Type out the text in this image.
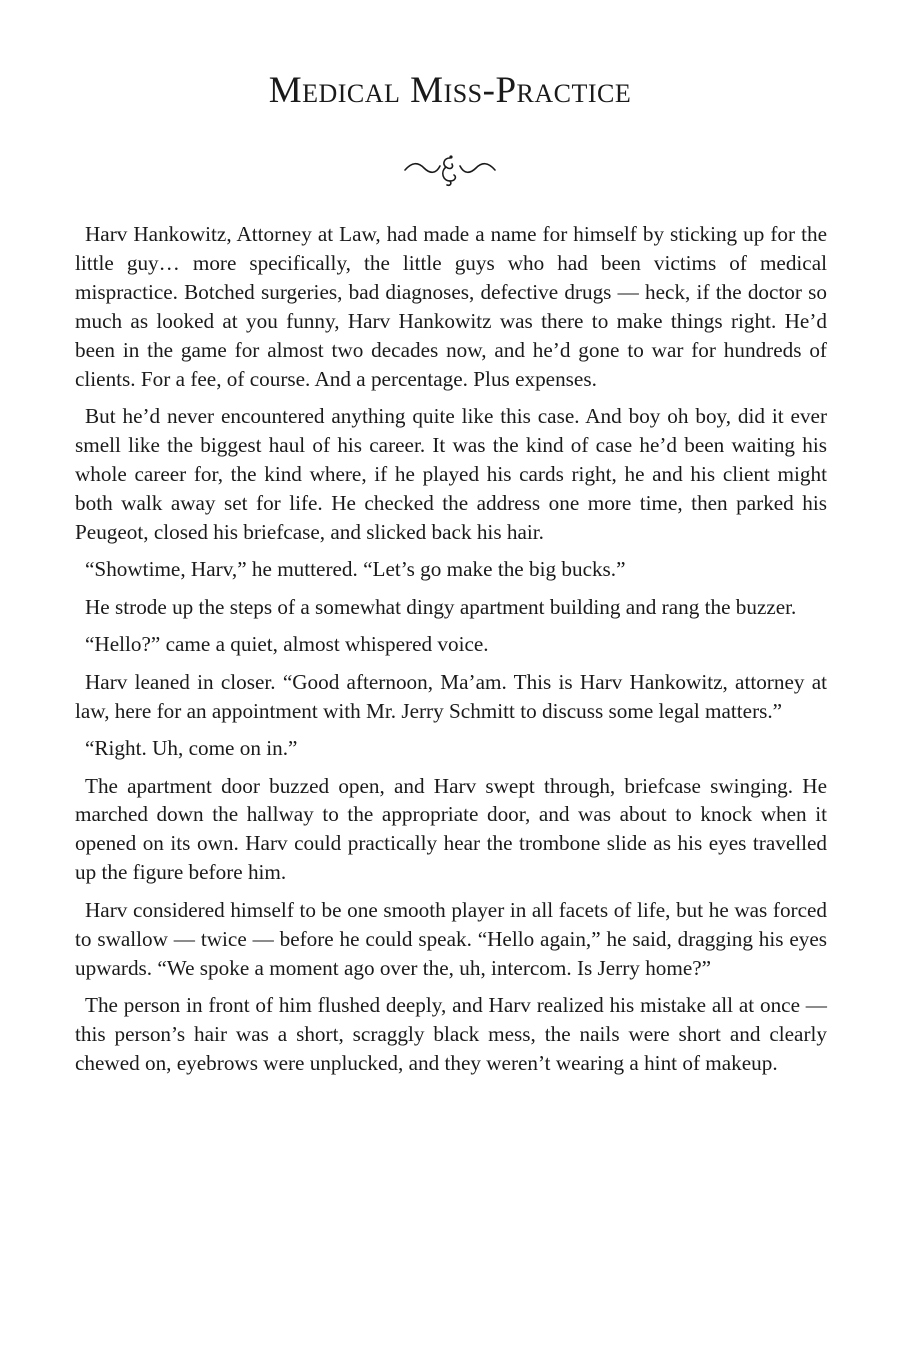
Medical Miss-Practice

Harv Hankowitz, Attorney at Law, had made a name for himself by sticking up for the little guy… more specifically, the little guys who had been victims of medical mispractice. Botched surgeries, bad diagnoses, defective drugs — heck, if the doctor so much as looked at you funny, Harv Hankowitz was there to make things right. He’d been in the game for almost two decades now, and he’d gone to war for hundreds of clients. For a fee, of course. And a percentage. Plus expenses.

But he’d never encountered anything quite like this case. And boy oh boy, did it ever smell like the biggest haul of his career. It was the kind of case he’d been waiting his whole career for, the kind where, if he played his cards right, he and his client might both walk away set for life. He checked the address one more time, then parked his Peugeot, closed his briefcase, and slicked back his hair.

“Showtime, Harv,” he muttered. “Let’s go make the big bucks.”

He strode up the steps of a somewhat dingy apartment building and rang the buzzer.

“Hello?” came a quiet, almost whispered voice.

Harv leaned in closer. “Good afternoon, Ma’am. This is Harv Hankowitz, attorney at law, here for an appointment with Mr. Jerry Schmitt to discuss some legal matters.”

“Right. Uh, come on in.”

The apartment door buzzed open, and Harv swept through, briefcase swinging. He marched down the hallway to the appropriate door, and was about to knock when it opened on its own. Harv could practically hear the trombone slide as his eyes travelled up the figure before him.

Harv considered himself to be one smooth player in all facets of life, but he was forced to swallow — twice — before he could speak. “Hello again,” he said, dragging his eyes upwards. “We spoke a moment ago over the, uh, intercom. Is Jerry home?”

The person in front of him flushed deeply, and Harv realized his mistake all at once — this person’s hair was a short, scraggly black mess, the nails were short and clearly chewed on, eyebrows were unplucked, and they weren’t wearing a hint of makeup.
